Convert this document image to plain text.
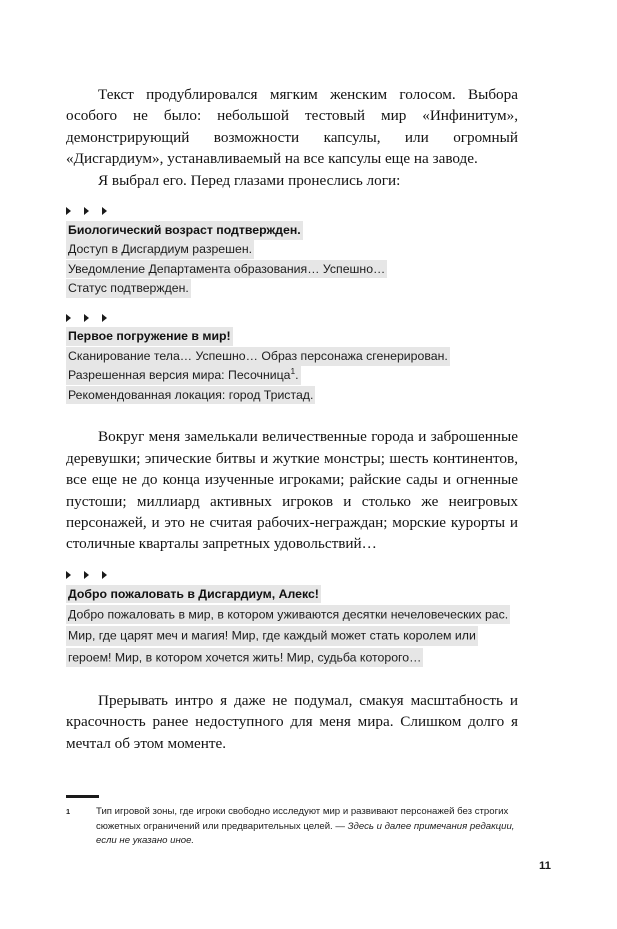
Текст продублировался мягким женским голосом. Выбора особого не было: небольшой тестовый мир «Инфинитум», демонстрирующий возможности капсулы, или огромный «Дисгардиум», устанавливаемый на все капсулы еще на заводе.

Я выбрал его. Перед глазами пронеслись логи:

Биологический возраст подтвержден.
Доступ в Дисгардиум разрешен.
Уведомление Департамента образования… Успешно…
Статус подтвержден.

Первое погружение в мир!
Сканирование тела… Успешно… Образ персонажа сгенерирован.
Разрешенная версия мира: Песочница$^1$.
Рекомендованная локация: город Тристад.

Вокруг меня замелькали величественные города и заброшенные деревушки; эпические битвы и жуткие монстры; шесть континентов, все еще не до конца изученные игроками; райские сады и огненные пустоши; миллиард активных игроков и столько же неигровых персонажей, и это не считая рабочих-неграждан; морские курорты и столичные кварталы запретных удовольствий…

Добро пожаловать в Дисгардиум, Алекс!
Добро пожаловать в мир, в котором уживаются десятки нечеловеческих рас. Мир, где царят меч и магия! Мир, где каждый может стать королем или героем! Мир, в котором хочется жить! Мир, судьба которого…

Прерывать интро я даже не подумал, смакуя масштабность и красочность ранее недоступного для меня мира. Слишком долго я мечтал об этом моменте.

1	Тип игровой зоны, где игроки свободно исследуют мир и развивают персонажей без строгих сюжетных ограничений или предварительных целей. — Здесь и далее примечания редакции, если не указано иное.
11
